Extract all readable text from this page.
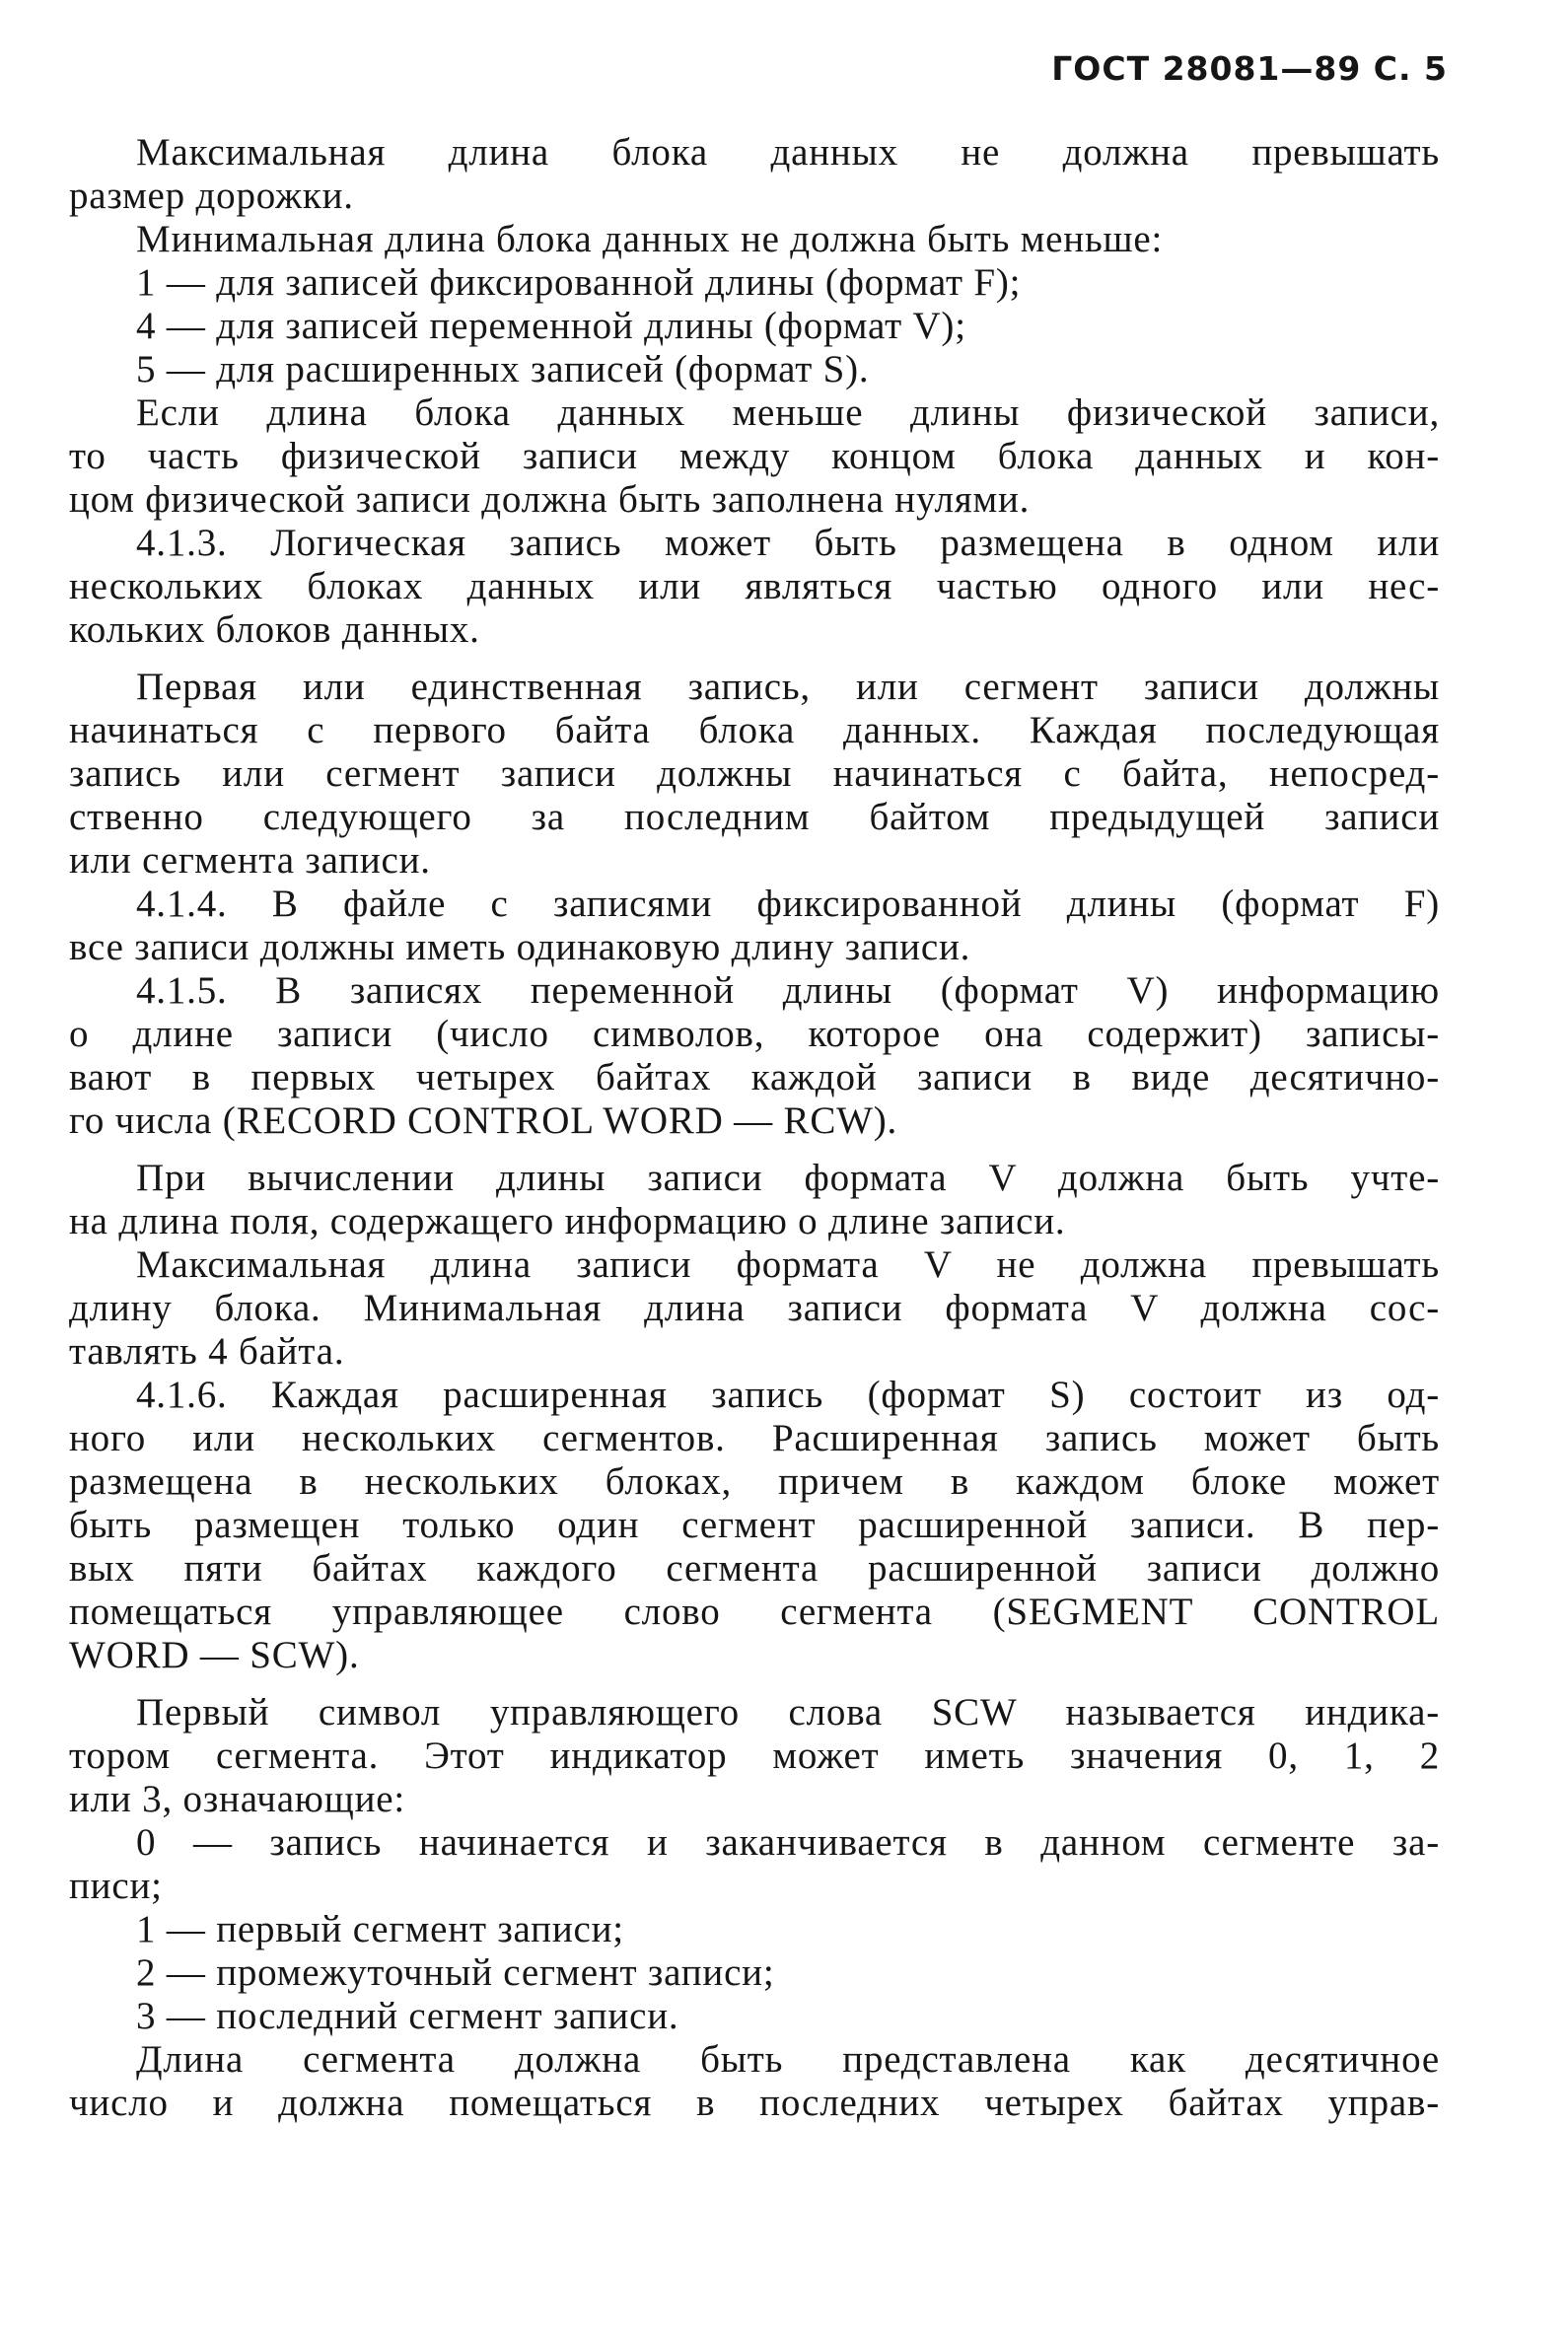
ГОСТ 28081—89 С. 5
Максимальная длина блока данных не должна превышать
размер дорожки.
Минимальная длина блока данных не должна быть меньше:
1 — для записей фиксированной длины (формат F);
4 — для записей переменной длины (формат V);
5 — для расширенных записей (формат S).
Если длина блока данных меньше длины физической записи,
то часть физической записи между концом блока данных и кон-
цом физической записи должна быть заполнена нулями.
4.1.3. Логическая запись может быть размещена в одном или
нескольких блоках данных или являться частью одного или нес-
кольких блоков данных.
Первая или единственная запись, или сегмент записи должны
начинаться с первого байта блока данных. Каждая последующая
запись или сегмент записи должны начинаться с байта, непосред-
ственно следующего за последним байтом предыдущей записи
или сегмента записи.
4.1.4. В файле с записями фиксированной длины (формат F)
все записи должны иметь одинаковую длину записи.
4.1.5. В записях переменной длины (формат V) информацию
о длине записи (число символов, которое она содержит) записы-
вают в первых четырех байтах каждой записи в виде десятично-
го числа (RECORD CONTROL WORD — RCW).
При вычислении длины записи формата V должна быть учте-
на длина поля, содержащего информацию о длине записи.
Максимальная длина записи формата V не должна превышать
длину блока. Минимальная длина записи формата V должна сос-
тавлять 4 байта.
4.1.6. Каждая расширенная запись (формат S) состоит из од-
ного или нескольких сегментов. Расширенная запись может быть
размещена в нескольких блоках, причем в каждом блоке может
быть размещен только один сегмент расширенной записи. В пер-
вых пяти байтах каждого сегмента расширенной записи должно
помещаться управляющее слово сегмента (SEGMENT CONTROL
WORD — SCW).
Первый символ управляющего слова SCW называется индика-
тором сегмента. Этот индикатор может иметь значения 0, 1, 2
или 3, означающие:
0 — запись начинается и заканчивается в данном сегменте за-
писи;
1 — первый сегмент записи;
2 — промежуточный сегмент записи;
3 — последний сегмент записи.
Длина сегмента должна быть представлена как десятичное
число и должна помещаться в последних четырех байтах управ-
